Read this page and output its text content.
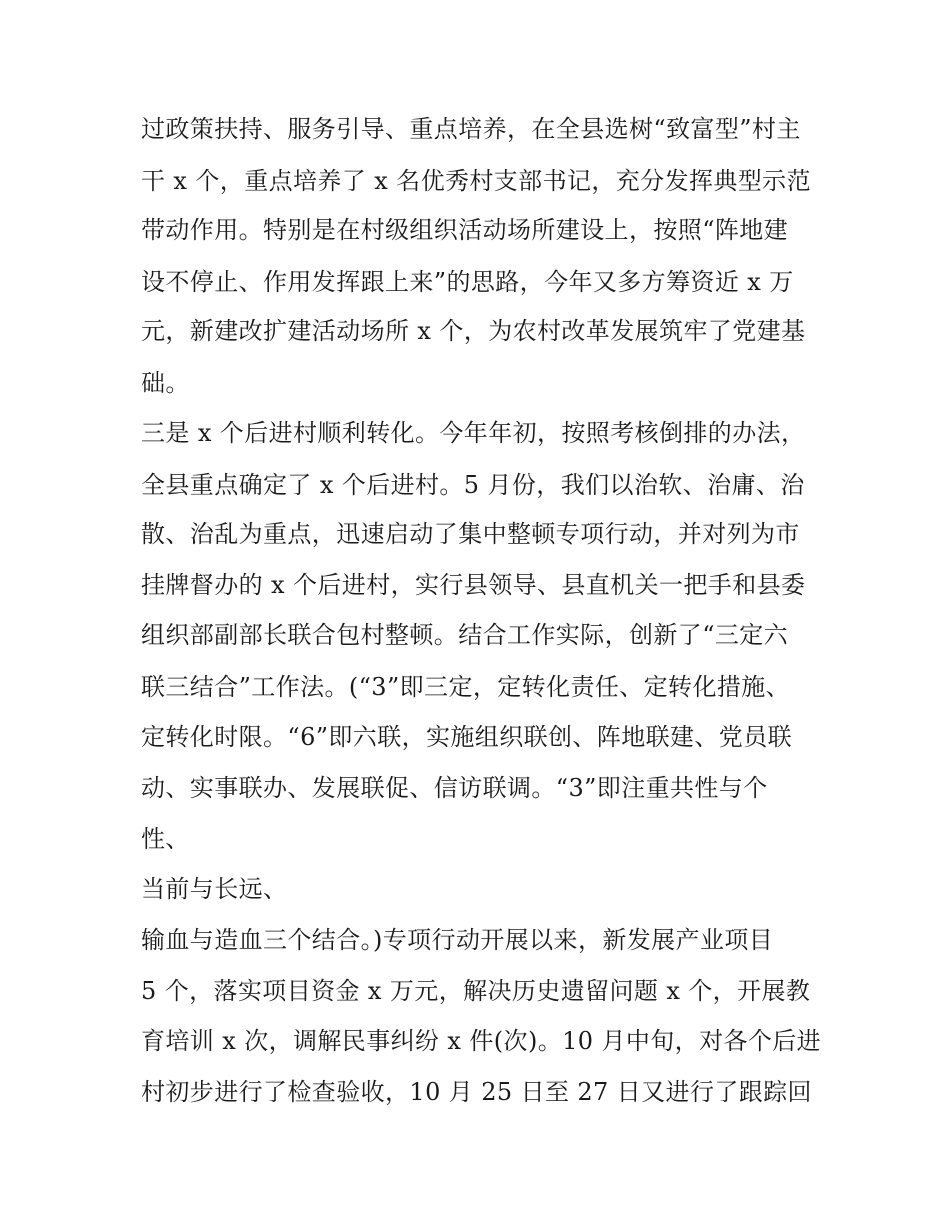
过政策扶持、服务引导、重点培养，在全县选树“致富型”村主
干 x 个，重点培养了 x 名优秀村支部书记，充分发挥典型示范
带动作用。特别是在村级组织活动场所建设上，按照“阵地建
设不停止、作用发挥跟上来”的思路，今年又多方筹资近 x 万
元，新建改扩建活动场所 x 个，为农村改革发展筑牢了党建基
础。
三是 x 个后进村顺利转化。今年年初，按照考核倒排的办法，
全县重点确定了 x 个后进村。5 月份，我们以治软、治庸、治
散、治乱为重点，迅速启动了集中整顿专项行动，并对列为市
挂牌督办的 x 个后进村，实行县领导、县直机关一把手和县委
组织部副部长联合包村整顿。结合工作实际，创新了“三定六
联三结合”工作法。(“3”即三定，定转化责任、定转化措施、
定转化时限。“6”即六联，实施组织联创、阵地联建、党员联
动、实事联办、发展联促、信访联调。“3”即注重共性与个
性、
当前与长远、
输血与造血三个结合。)专项行动开展以来，新发展产业项目
5 个，落实项目资金 x 万元，解决历史遗留问题 x 个，开展教
育培训 x 次，调解民事纠纷 x 件(次)。10 月中旬，对各个后进
村初步进行了检查验收，10 月 25 日至 27 日又进行了跟踪回
